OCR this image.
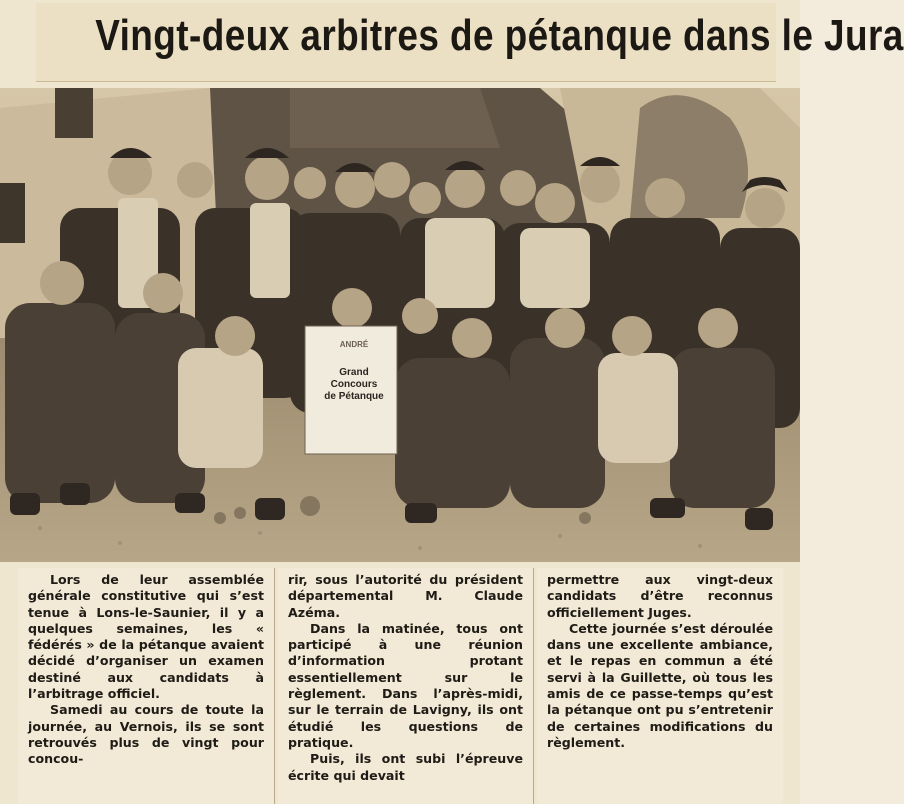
Vingt-deux arbitres de pétanque dans le Jura
ANDRÉ
Grand
Concours
de Pétanque

Lors de leur assemblée générale constitutive qui s’est tenue à Lons-le-Saunier, il y a quelques semaines, les « fédérés » de la pétanque avaient décidé d’organiser un examen destiné aux candidats à l’arbitrage officiel.

Samedi au cours de toute la journée, au Vernois, ils se sont retrouvés plus de vingt pour concou-

rir, sous l’autorité du président départemental M. Claude Azéma.

Dans la matinée, tous ont participé à une réunion d’information protant essentiellement sur le règlement. Dans l’après-midi, sur le terrain de Lavigny, ils ont étudié les questions de pratique.

Puis, ils ont subi l’épreuve écrite qui devait

permettre aux vingt-deux candidats d’être reconnus officiellement Juges.

Cette journée s’est déroulée dans une excellente ambiance, et le repas en commun a été servi à la Guillette, où tous les amis de ce passe-temps qu’est la pétanque ont pu s’entretenir de certaines modifications du règlement.
